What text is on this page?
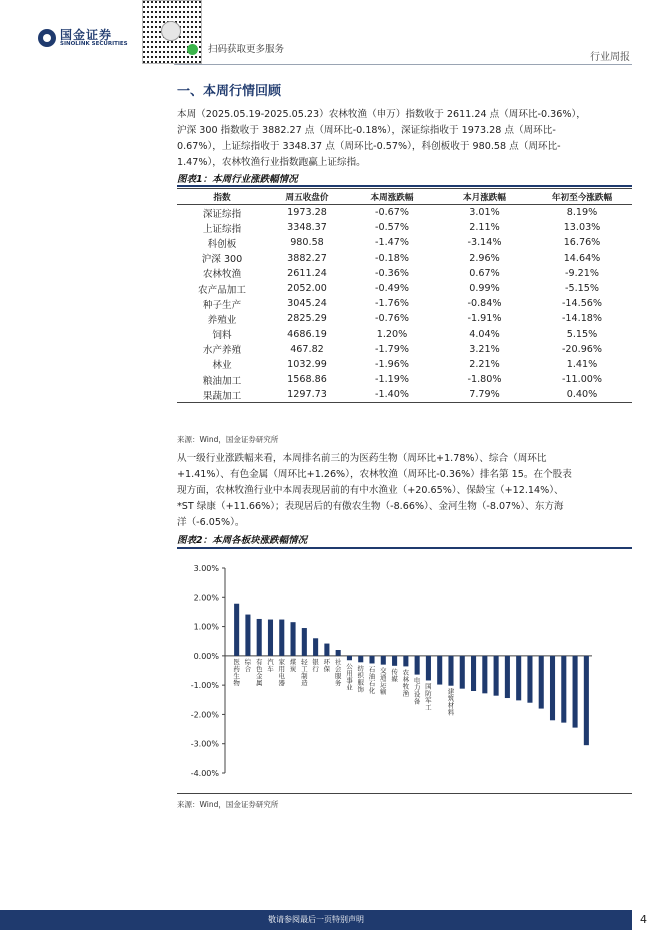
国金证券
SINOLINK SECURITIES	扫码获取更多服务
行业周报
一、本周行情回顾
本周（2025.05.19-2025.05.23）农林牧渔（申万）指数收于 2611.24 点（周环比-0.36%），
沪深 300 指数收于 3882.27 点（周环比-0.18%），深证综指收于 1973.28 点（周环比-
0.67%），上证综指收于 3348.37 点（周环比-0.57%），科创板收于 980.58 点（周环比-
1.47%），农林牧渔行业指数跑赢上证综指。
图表1：本周行业涨跌幅情况
指数	周五收盘价	本周涨跌幅	本月涨跌幅	年初至今涨跌幅
深证综指	1973.28	-0.67%	3.01%	8.19%
上证综指	3348.37	-0.57%	2.11%	13.03%
科创板	980.58	-1.47%	-3.14%	16.76%
沪深 300	3882.27	-0.18%	2.96%	14.64%
农林牧渔	2611.24	-0.36%	0.67%	-9.21%
农产品加工	2052.00	-0.49%	0.99%	-5.15%
种子生产	3045.24	-1.76%	-0.84%	-14.56%
养殖业	2825.29	-0.76%	-1.91%	-14.18%
饲料	4686.19	1.20%	4.04%	5.15%
水产养殖	467.82	-1.79%	3.21%	-20.96%
林业	1032.99	-1.96%	2.21%	1.41%
粮油加工	1568.86	-1.19%	-1.80%	-11.00%
果蔬加工	1297.73	-1.40%	7.79%	0.40%
来源：Wind，国金证券研究所
从一级行业涨跌幅来看，本周排名前三的为医药生物（周环比+1.78%）、综合（周环比
+1.41%）、有色金属（周环比+1.26%），农林牧渔（周环比-0.36%）排名第 15。在个股表
现方面，农林牧渔行业中本周表现居前的有中水渔业（+20.65%）、保龄宝（+12.14%）、
*ST 绿康（+11.66%）；表现居后的有傲农生物（-8.66%）、金河生物（-8.07%）、东方海
洋（-6.05%）。
图表2：本周各板块涨跌幅情况
3.00%
2.00%
1.00%
0.00%
-1.00%
-2.00%
-3.00%
-4.00%
医药生物
综合
有色金属
汽车
家用电器
煤炭
轻工制造
银行
环保
社会服务
公用事业
纺织服饰
石油石化
交通运输
传媒
农林牧渔
电力设备
国防军工
建筑材料
来源：Wind，国金证券研究所
敬请参阅最后一页特别声明	4
